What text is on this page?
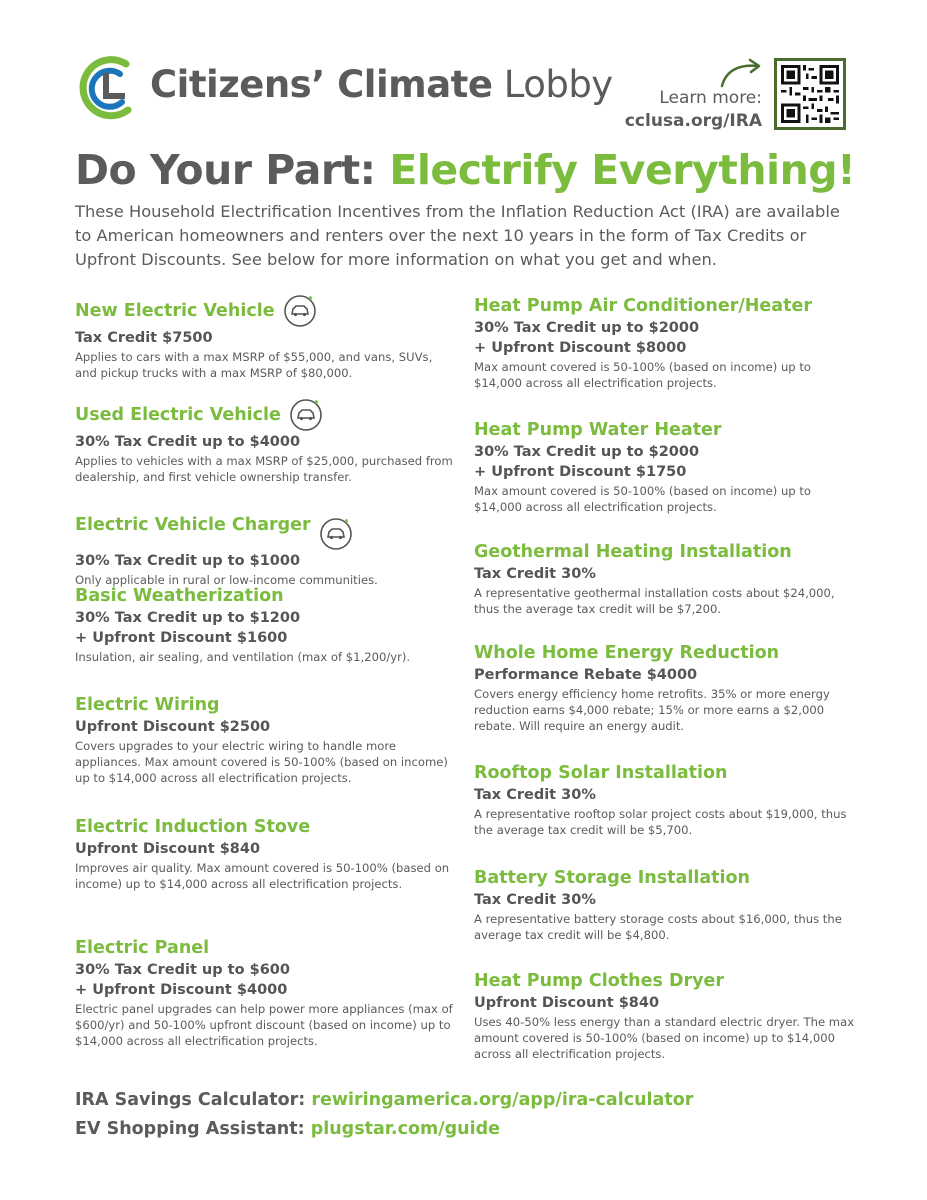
Citizens’ Climate Lobby	Learn more:
cclusa.org/IRA
Do Your Part: Electrify Everything!
These Household Electrification Incentives from the Inflation Reduction Act (IRA) are available to American homeowners and renters over the next 10 years in the form of Tax Credits or Upfront Discounts. See below for more information on what you get and when.
New Electric Vehicle
Tax Credit $7500
Applies to cars with a max MSRP of $55,000, and vans, SUVs, and pickup trucks with a max MSRP of $80,000.
Used Electric Vehicle
30% Tax Credit up to $4000
Applies to vehicles with a max MSRP of $25,000, purchased from dealership, and first vehicle ownership transfer.
Electric Vehicle Charger
30% Tax Credit up to $1000
Only applicable in rural or low-income communities.
Basic Weatherization
30% Tax Credit up to $1200
+ Upfront Discount $1600
Insulation, air sealing, and ventilation (max of $1,200/yr).
Electric Wiring
Upfront Discount $2500
Covers upgrades to your electric wiring to handle more appliances. Max amount covered is 50-100% (based on income) up to $14,000 across all electrification projects.
Electric Induction Stove
Upfront Discount $840
Improves air quality. Max amount covered is 50-100% (based on income) up to $14,000 across all electrification projects.
Electric Panel
30% Tax Credit up to $600
+ Upfront Discount $4000
Electric panel upgrades can help power more appliances (max of $600/yr) and 50-100% upfront discount (based on income) up to $14,000 across all electrification projects.
Heat Pump Air Conditioner/Heater
30% Tax Credit up to $2000
+ Upfront Discount $8000
Max amount covered is 50-100% (based on income) up to $14,000 across all electrification projects.
Heat Pump Water Heater
30% Tax Credit up to $2000
+ Upfront Discount $1750
Max amount covered is 50-100% (based on income) up to $14,000 across all electrification projects.
Geothermal Heating Installation
Tax Credit 30%
A representative geothermal installation costs about $24,000, thus the average tax credit will be $7,200.
Whole Home Energy Reduction
Performance Rebate $4000
Covers energy efficiency home retrofits. 35% or more energy reduction earns $4,000 rebate; 15% or more earns a $2,000 rebate. Will require an energy audit.
Rooftop Solar Installation
Tax Credit 30%
A representative rooftop solar project costs about $19,000, thus the average tax credit will be $5,700.
Battery Storage Installation
Tax Credit 30%
A representative battery storage costs about $16,000, thus the average tax credit will be $4,800.
Heat Pump Clothes Dryer
Upfront Discount $840
Uses 40-50% less energy than a standard electric dryer. The max amount covered is 50-100% (based on income) up to $14,000 across all electrification projects.
IRA Savings Calculator: rewiringamerica.org/app/ira-calculator
EV Shopping Assistant: plugstar.com/guide
